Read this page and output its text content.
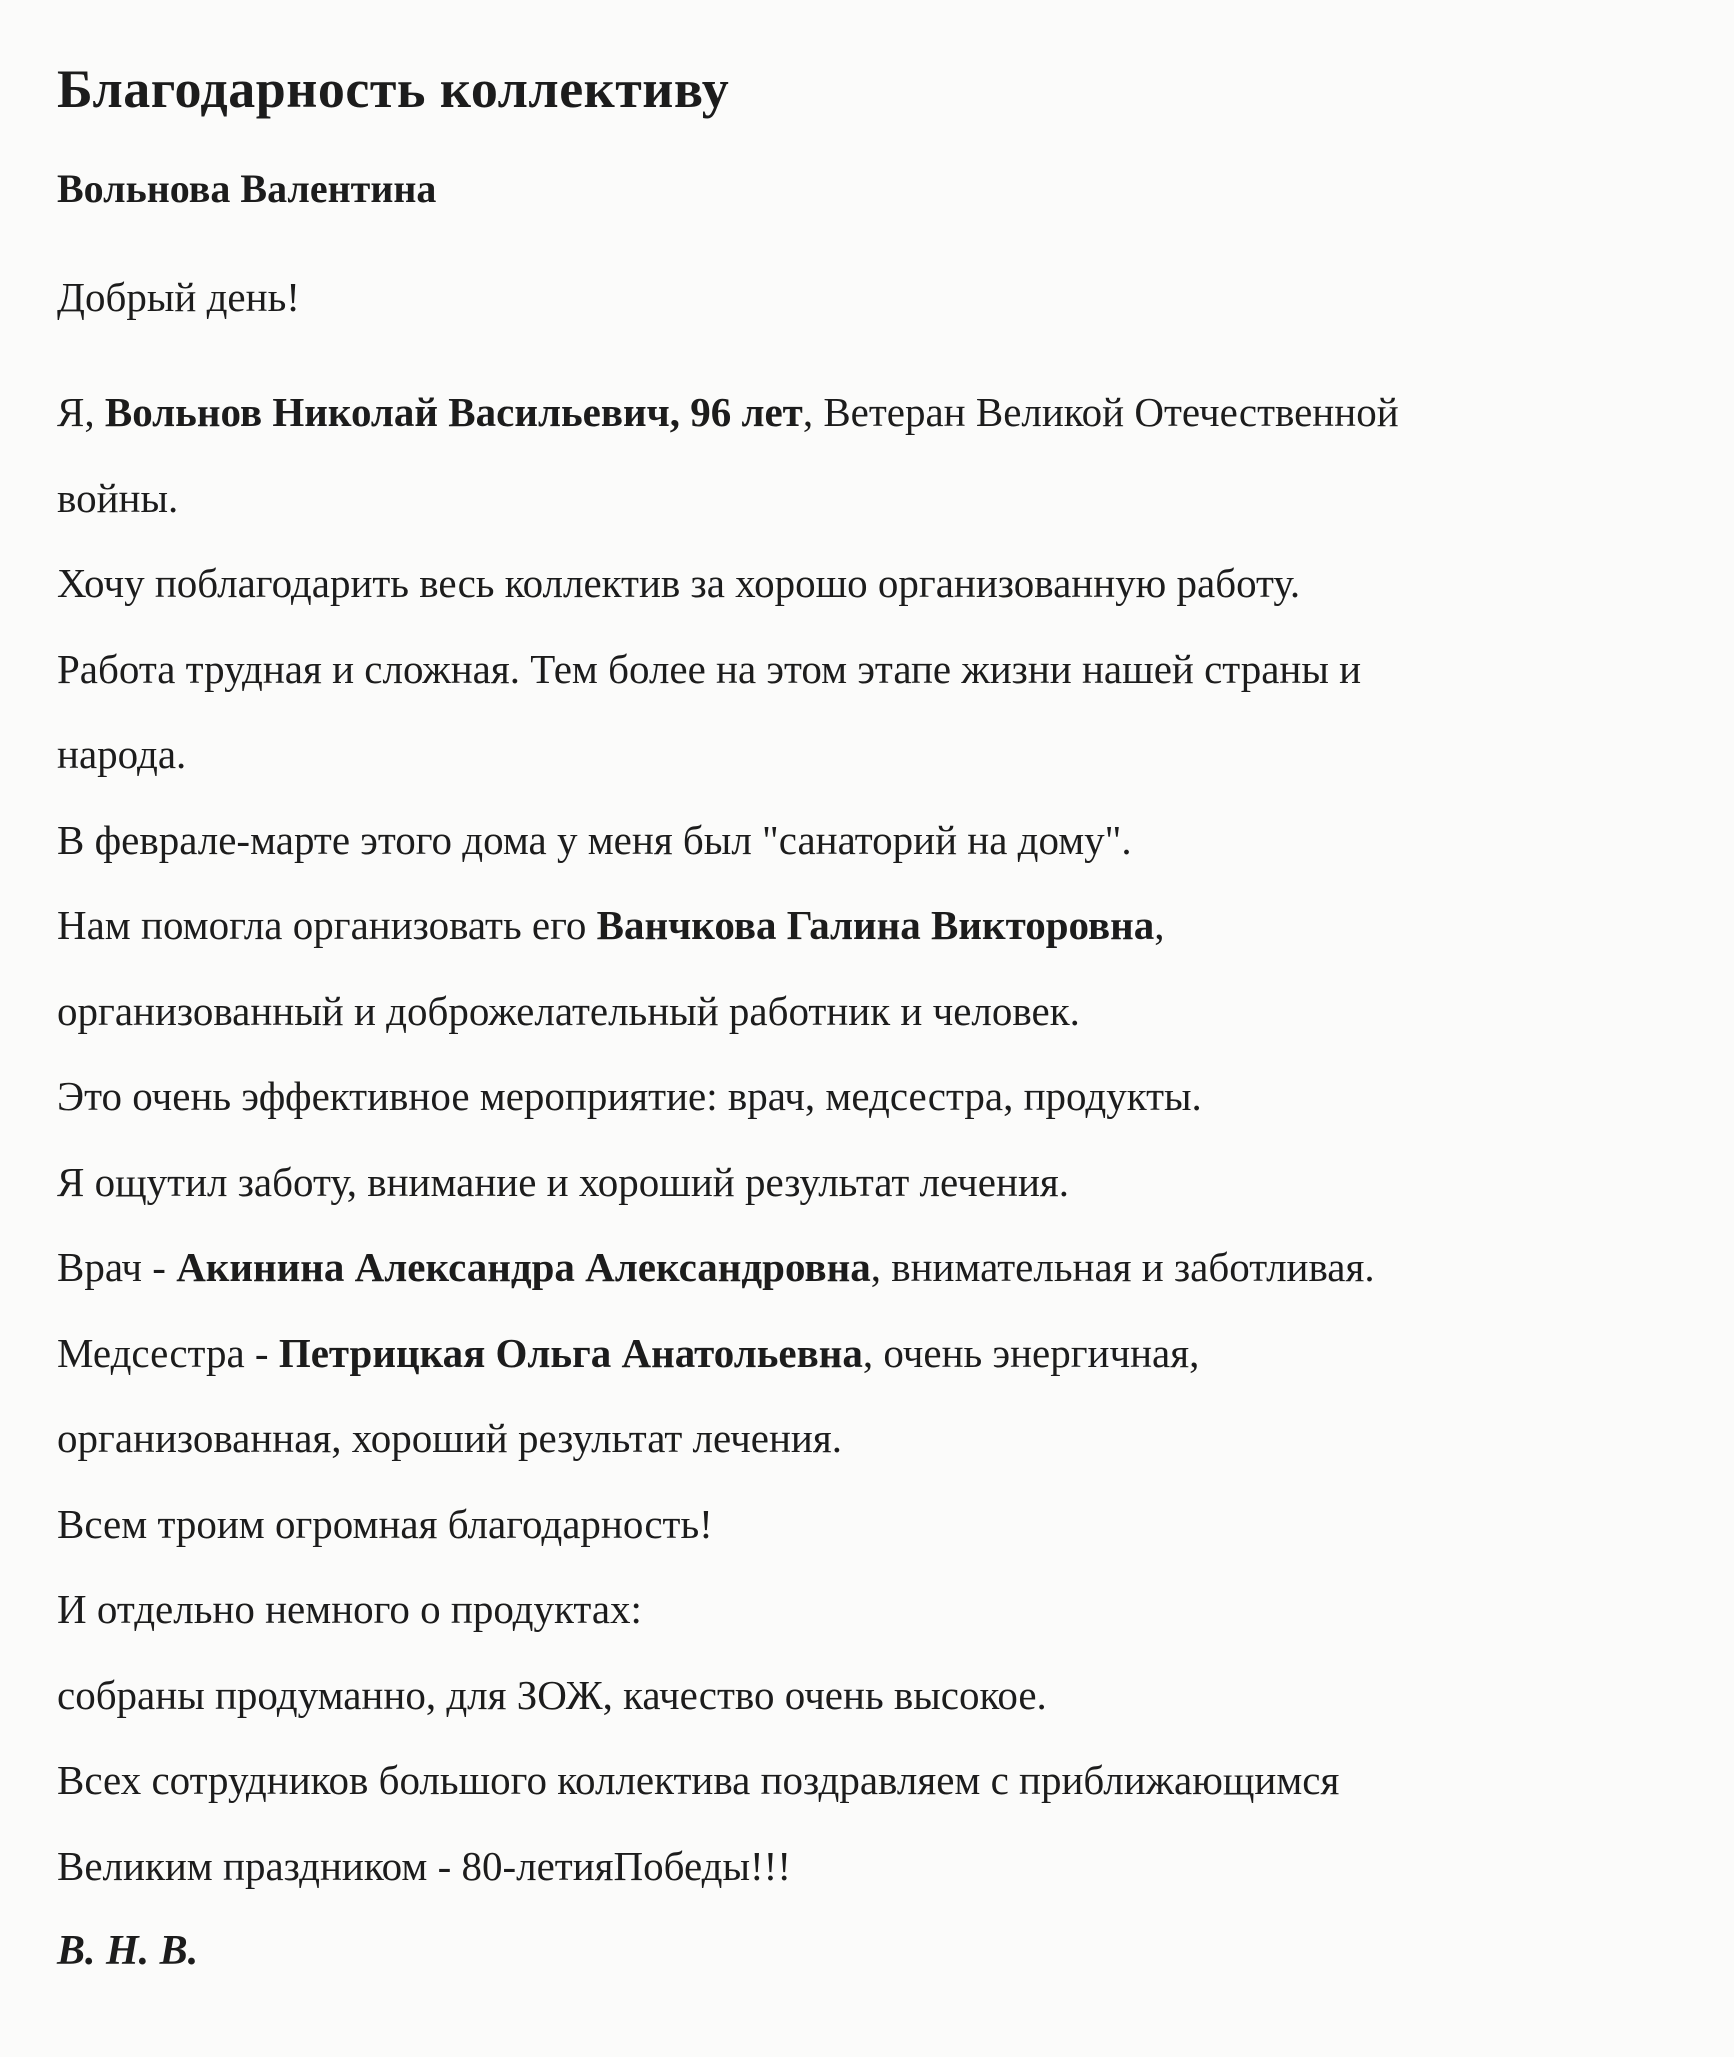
Благодарность коллективу

Вольнова Валентина

Добрый день!

Я, Вольнов Николай Васильевич, 96 лет, Ветеран Великой Отечественной

войны.

Хочу поблагодарить весь коллектив за хорошо организованную работу.

Работа трудная и сложная. Тем более на этом этапе жизни нашей страны и

народа.

В феврале-марте этого дома у меня был "санаторий на дому".

Нам помогла организовать его Ванчкова Галина Викторовна,

организованный и доброжелательный работник и человек.

Это очень эффективное мероприятие: врач, медсестра, продукты.

Я ощутил заботу, внимание и хороший результат лечения.

Врач - Акинина Александра Александровна, внимательная и заботливая.

Медсестра - Петрицкая Ольга Анатольевна, очень энергичная,

организованная, хороший результат лечения.

Всем троим огромная благодарность!

И отдельно немного о продуктах:

собраны продуманно, для ЗОЖ, качество очень высокое.

Всех сотрудников большого коллектива поздравляем с приближающимся

Великим праздником - 80-летияПобеды!!!

В. Н. В.
